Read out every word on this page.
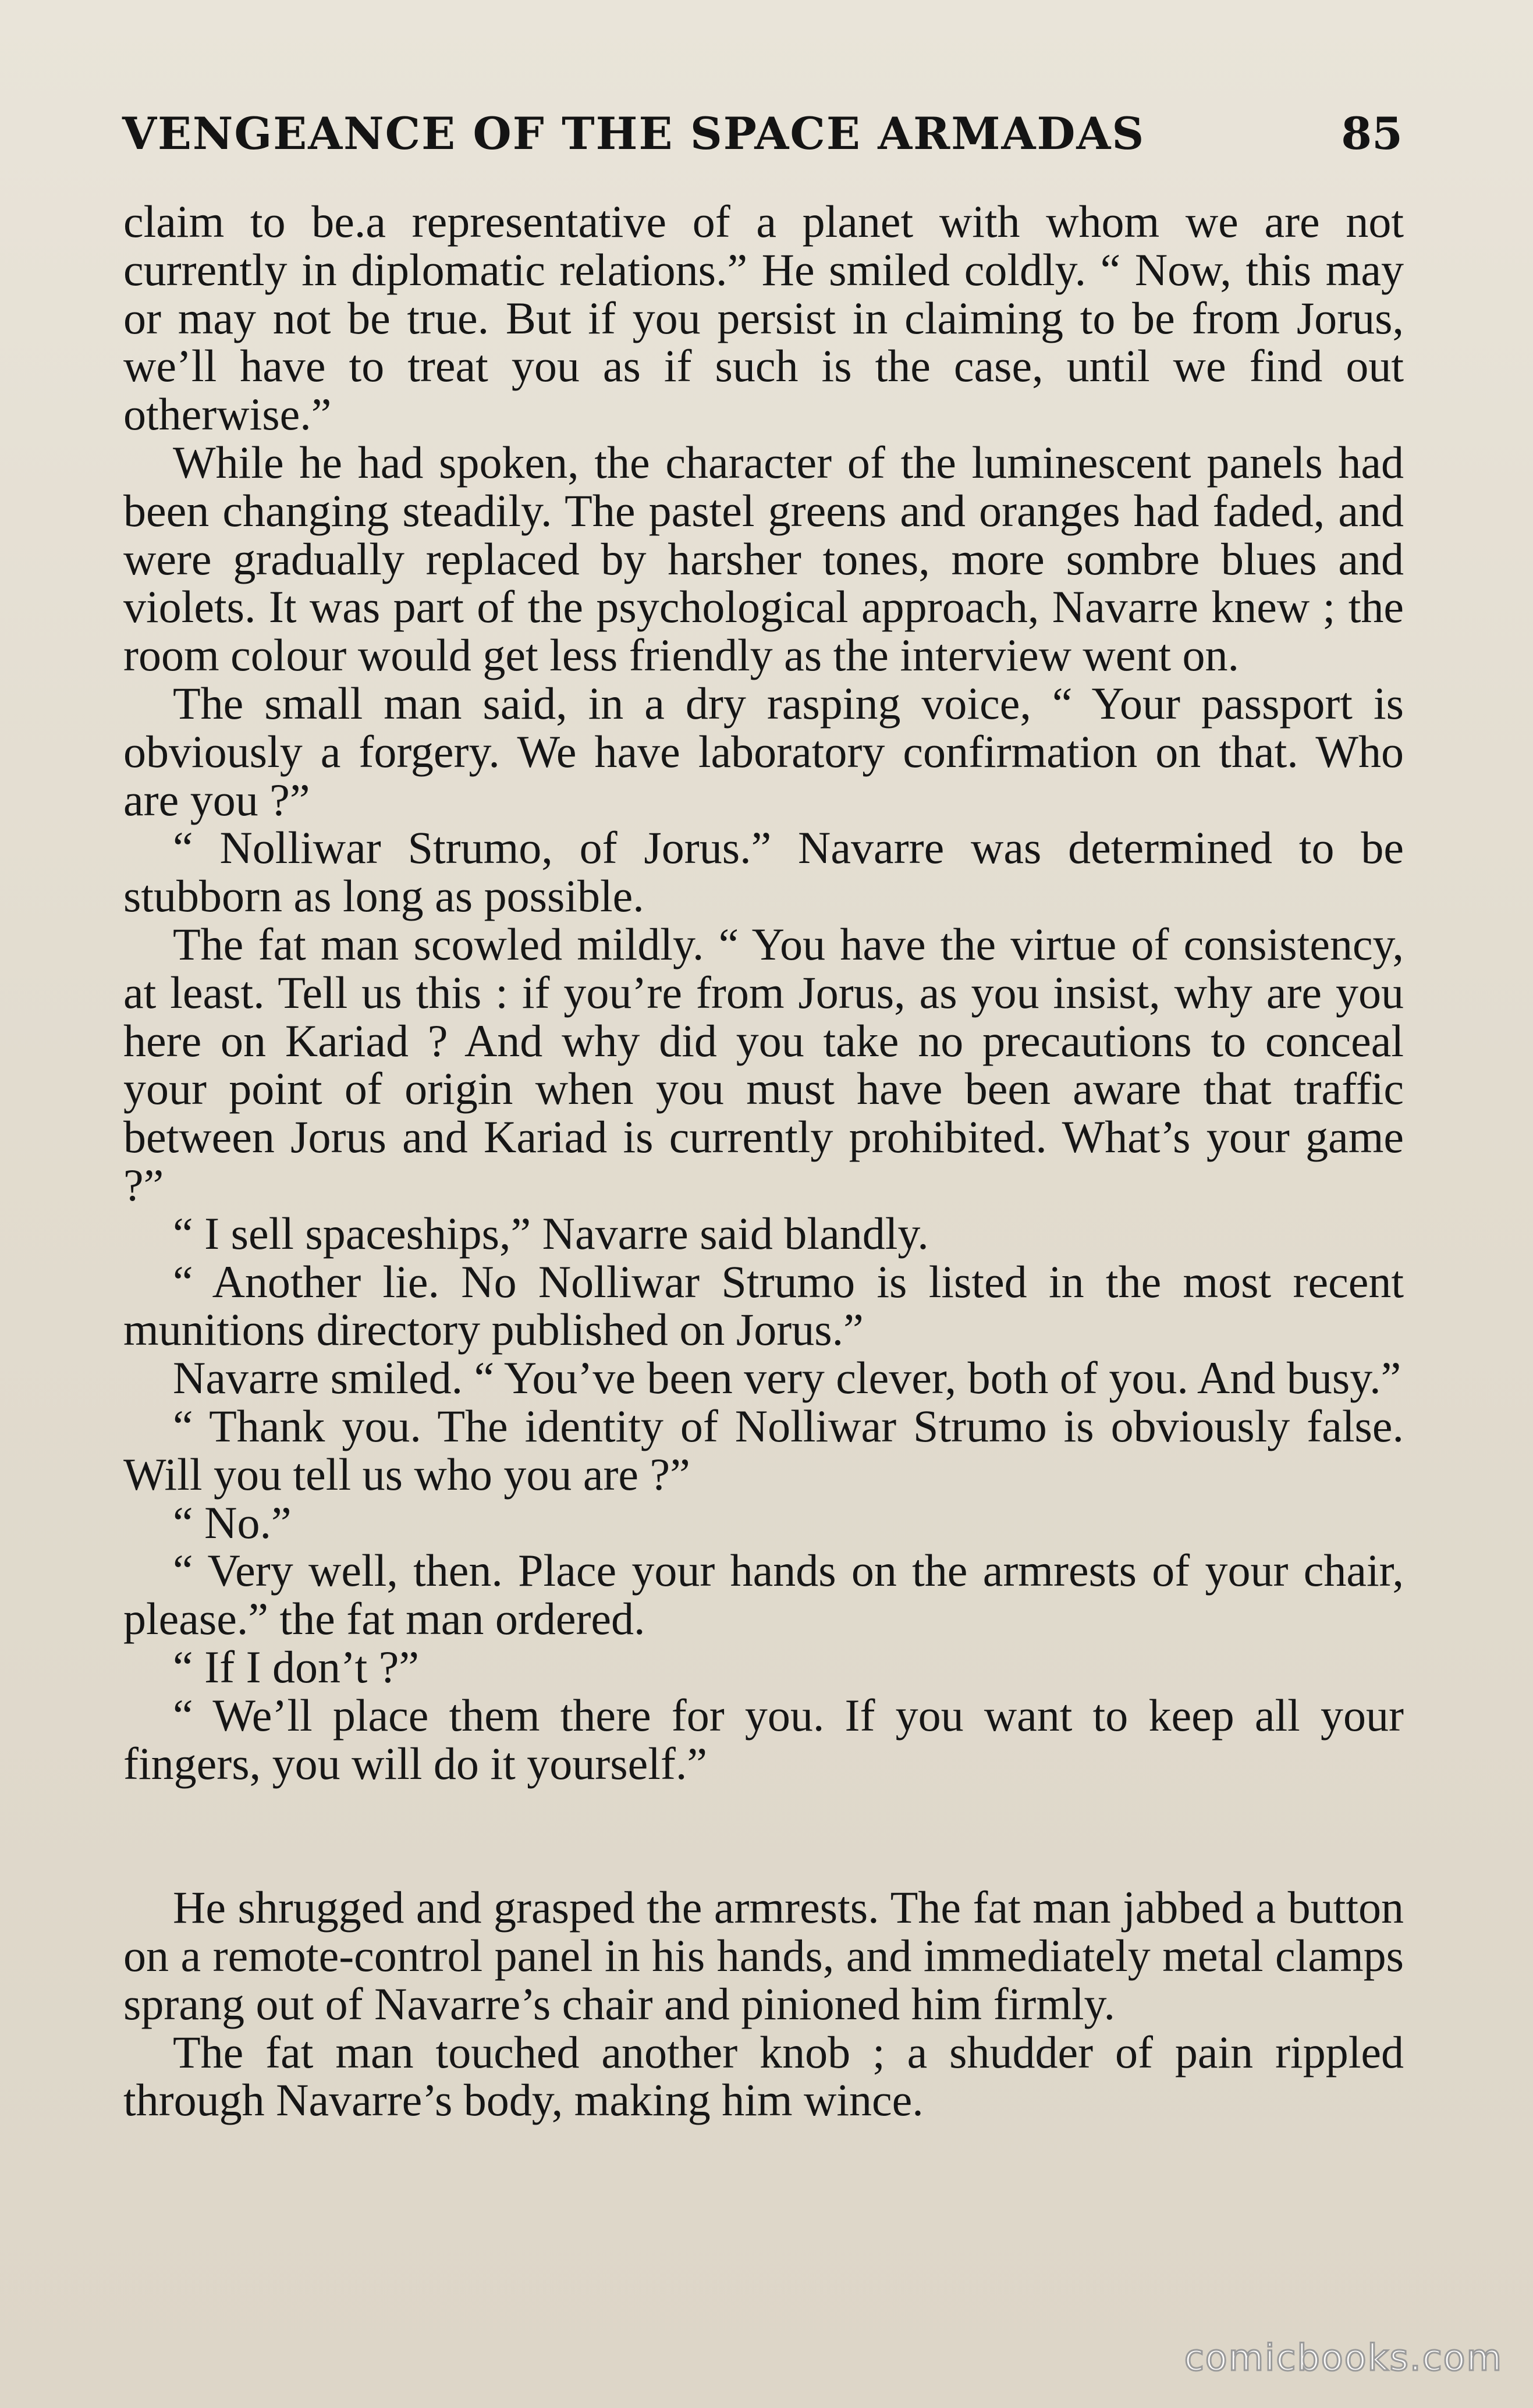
VENGEANCE OF THE SPACE ARMADAS	85

claim to be.a representative of a planet with whom we are not currently in diplomatic relations.” He smiled coldly. “ Now, this may or may not be true. But if you persist in claiming to be from Jorus, we’ll have to treat you as if such is the case, until we find out otherwise.”

While he had spoken, the character of the luminescent panels had been changing steadily. The pastel greens and oranges had faded, and were gradually replaced by harsher tones, more sombre blues and violets. It was part of the psychological approach, Navarre knew ; the room colour would get less friendly as the interview went on.

The small man said, in a dry rasping voice, “ Your passport is obviously a forgery. We have laboratory confirmation on that. Who are you ?”

“ Nolliwar Strumo, of Jorus.” Navarre was determined to be stubborn as long as possible.

The fat man scowled mildly. “ You have the virtue of consistency, at least. Tell us this : if you’re from Jorus, as you insist, why are you here on Kariad ? And why did you take no precautions to conceal your point of origin when you must have been aware that traffic between Jorus and Kariad is currently prohibited. What’s your game ?”

“ I sell spaceships,” Navarre said blandly.

“ Another lie. No Nolliwar Strumo is listed in the most recent munitions directory published on Jorus.”

Navarre smiled. “ You’ve been very clever, both of you. And busy.”

“ Thank you. The identity of Nolliwar Strumo is obviously false. Will you tell us who you are ?”

“ No.”

“ Very well, then. Place your hands on the armrests of your chair, please.” the fat man ordered.

“ If I don’t ?”

“ We’ll place them there for you. If you want to keep all your fingers, you will do it yourself.”

He shrugged and grasped the armrests. The fat man jabbed a button on a remote-control panel in his hands, and immediately metal clamps sprang out of Navarre’s chair and pinioned him firmly.

The fat man touched another knob ; a shudder of pain rippled through Navarre’s body, making him wince.

comicbooks.com
